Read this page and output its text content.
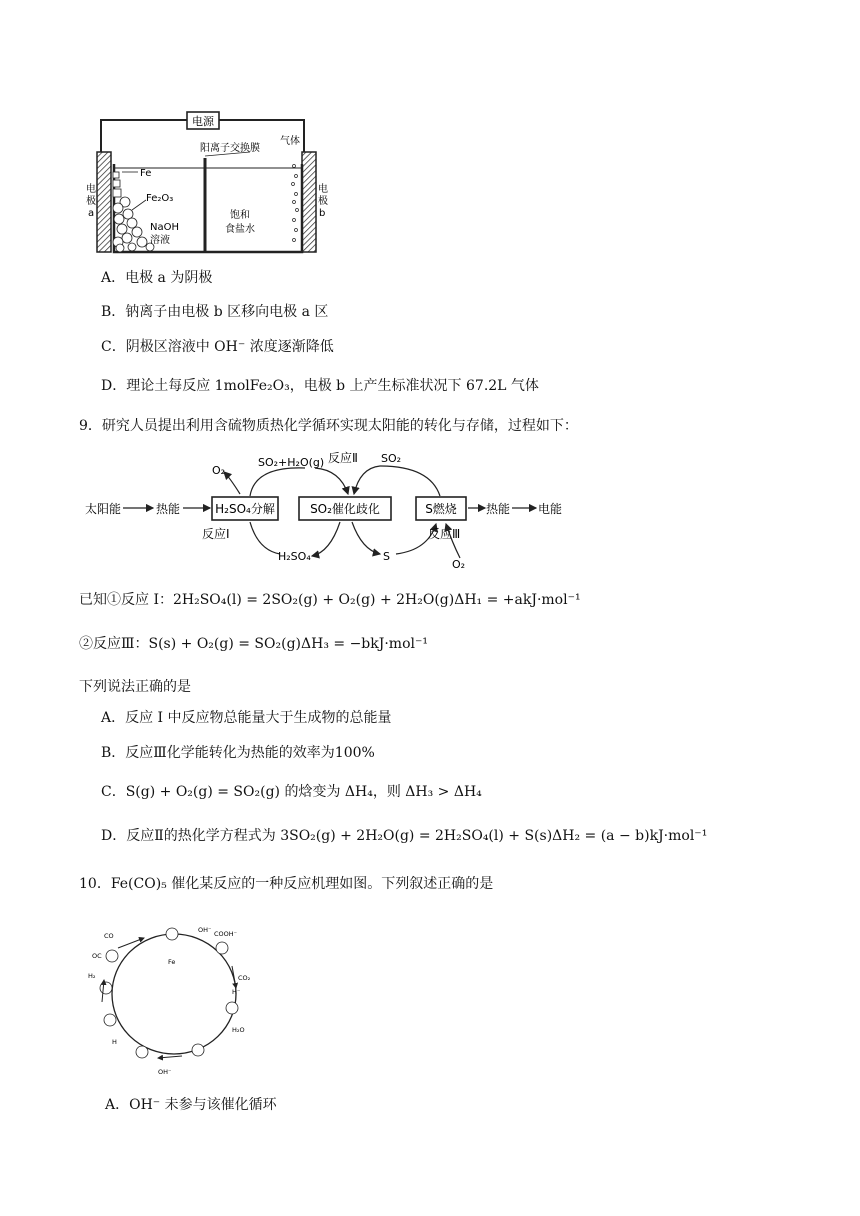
电源
阳离子交换膜
Fe
Fe₂O₃
NaOH
溶液
饱和
食盐水
气体
电
极
a
电
极
b
A．电极 a 为阴极
B．钠离子由电极 b 区移向电极 a 区
C．阴极区溶液中 OH⁻ 浓度逐渐降低
D．理论土每反应 1molFe₂O₃，电极 b 上产生标准状况下 67.2L 气体
9．研究人员提出利用含硫物质热化学循环实现太阳能的转化与存储，过程如下：
太阳能	热能	H₂SO₄分解	SO₂催化歧化	S燃烧 热能 电能
O₂
SO₂+H₂O(g) 反应Ⅱ SO₂
反应Ⅰ
H₂SO₄	S
反应Ⅲ
O₂
已知①反应 I：2H₂SO₄(l) = 2SO₂(g) + O₂(g) + 2H₂O(g)ΔH₁ = +akJ·mol⁻¹
②反应Ⅲ：S(s) + O₂(g) = SO₂(g)ΔH₃ = −bkJ·mol⁻¹
下列说法正确的是
A．反应 I 中反应物总能量大于生成物的总能量
B．反应Ⅲ化学能转化为热能的效率为100%
C．S(g) + O₂(g) = SO₂(g) 的焓变为 ΔH₄，则 ΔH₃ > ΔH₄
D．反应Ⅱ的热化学方程式为 3SO₂(g) + 2H₂O(g) = 2H₂SO₄(l) + S(s)ΔH₂ = (a − b)kJ·mol⁻¹
10．Fe(CO)₅ 催化某反应的一种反应机理如图。下列叙述正确的是
OC
CO
OH⁻ COOH⁻
CO₂
H⁻
H₂O
H₂
H
OH⁻
Fe
A．OH⁻ 未参与该催化循环
